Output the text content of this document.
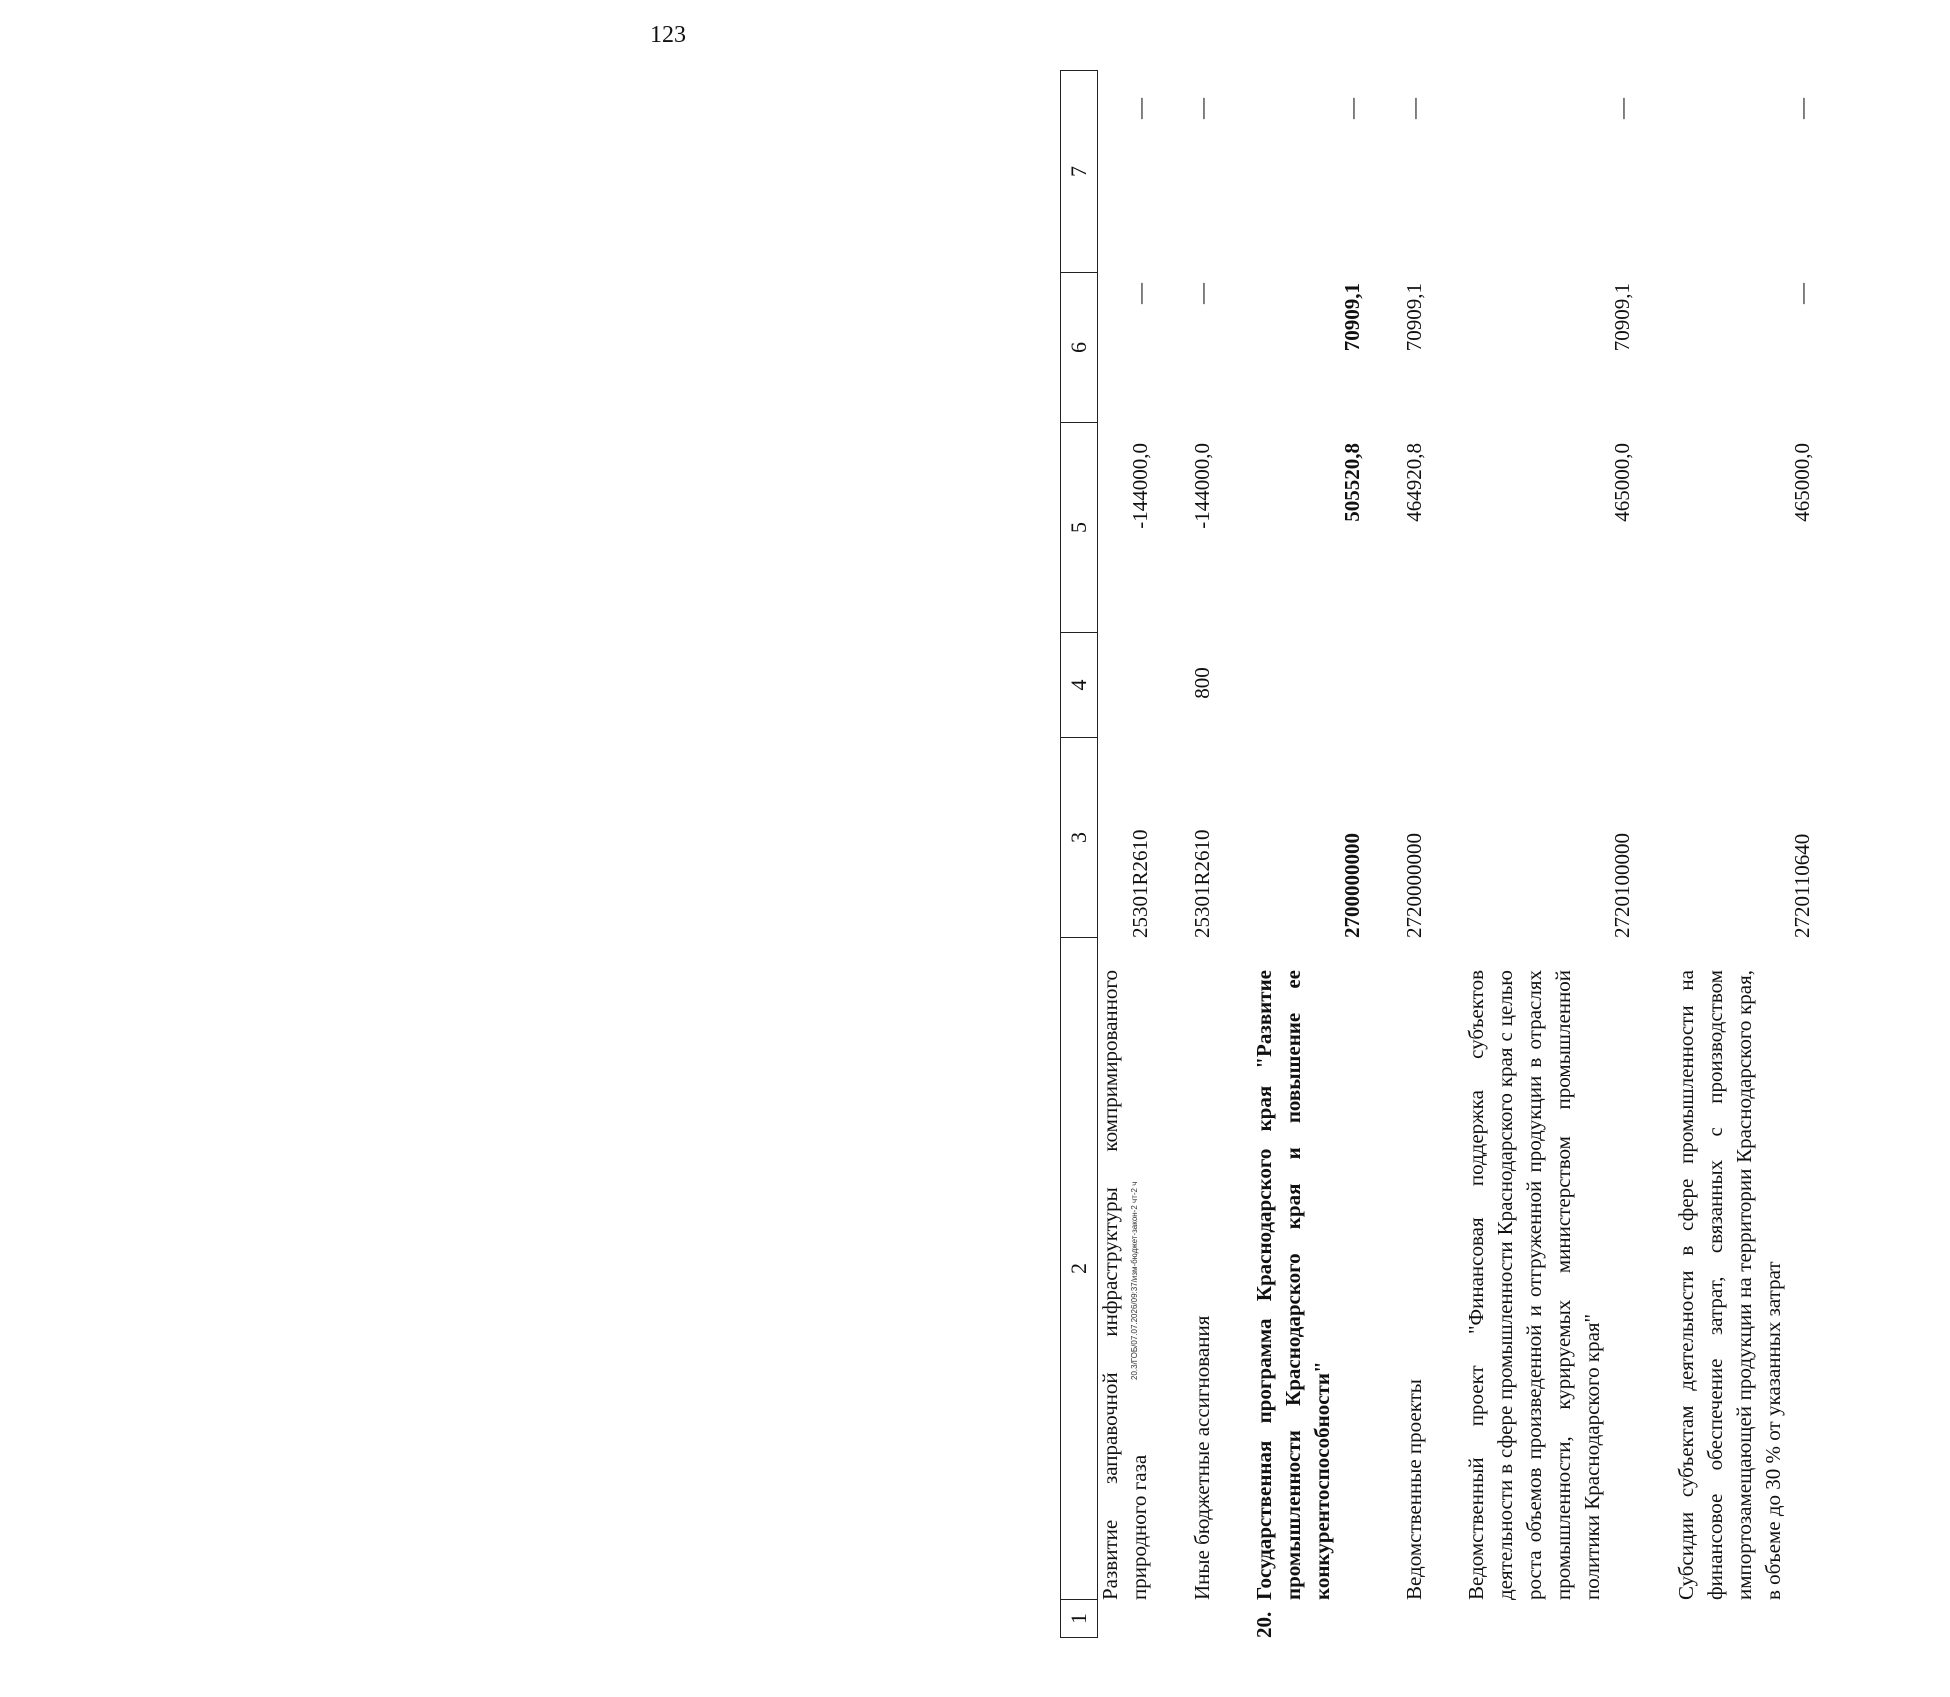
123
20.3/ГОБ/07.07.2026/09:37/изм-бюджет-закон-2 чт-2 ч
1
2
3
4
5
6
7
Развитие заправочной инфраструктуры компримированного природного газа
25301R2610
-144000,0
—
—
Иные бюджетные ассигнования
25301R2610
800
-144000,0
—
—
20.
Государственная программа Краснодарского края "Развитие промышленности Краснодарского края и повышение ее конкурентоспособности"
2700000000
505520,8
70909,1
—
Ведомственные проекты
2720000000
464920,8
70909,1
—
Ведомственный проект "Финансовая поддержка субъектов деятельности в сфере промышленности Краснодарского края с целью роста объемов произведенной и отгруженной продукции в отраслях промышленности, курируемых министерством промышленной политики Краснодарского края"
2720100000
465000,0
70909,1
—
Субсидии субъектам деятельности в сфере промышленности на финансовое обеспечение затрат, связанных с производством импортозамещающей продукции на территории Краснодарского края, в объеме до 30 % от указанных затрат
2720110640
465000,0
—
—
